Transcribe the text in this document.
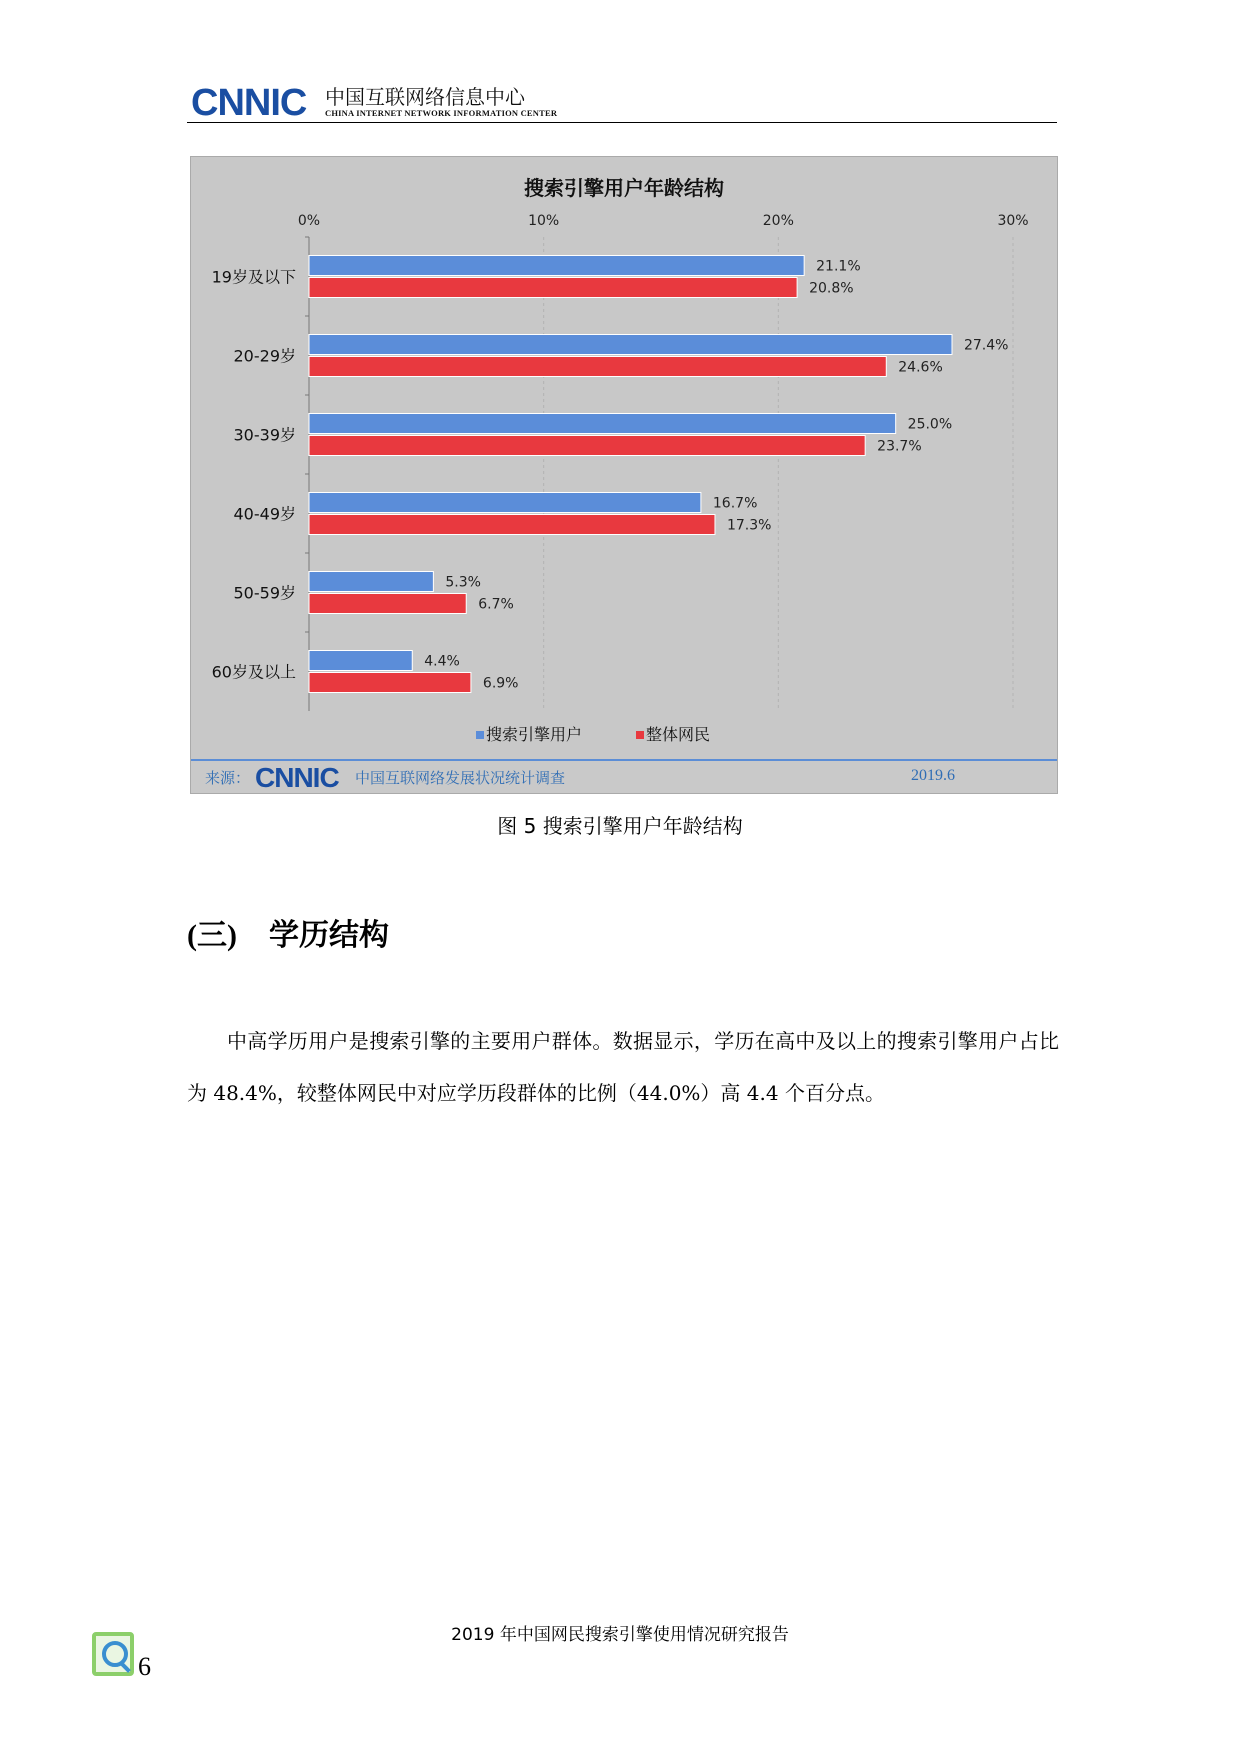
CNNIC 中国互联网络信息中心
CHINA INTERNET NETWORK INFORMATION CENTER
搜索引擎用户年龄结构
0%	10%	20%	30%
19岁及以下
21.1%
20.8%
20-29岁
27.4%
24.6%
30-39岁
25.0%
23.7%
40-49岁
16.7%
17.3%
50-59岁
5.3%
6.7%
60岁及以上
4.4%
6.9%
搜索引擎用户	整体网民
来源： CNNIC 中国互联网络发展状况统计调查	2019.6
图 5 搜索引擎用户年龄结构
(三) 学历结构
中高学历用户是搜索引擎的主要用户群体。数据显示，学历在高中及以上的搜索引擎用户占比为 48.4%，较整体网民中对应学历段群体的比例（44.0%）高 4.4 个百分点。
2019 年中国网民搜索引擎使用情况研究报告
6
